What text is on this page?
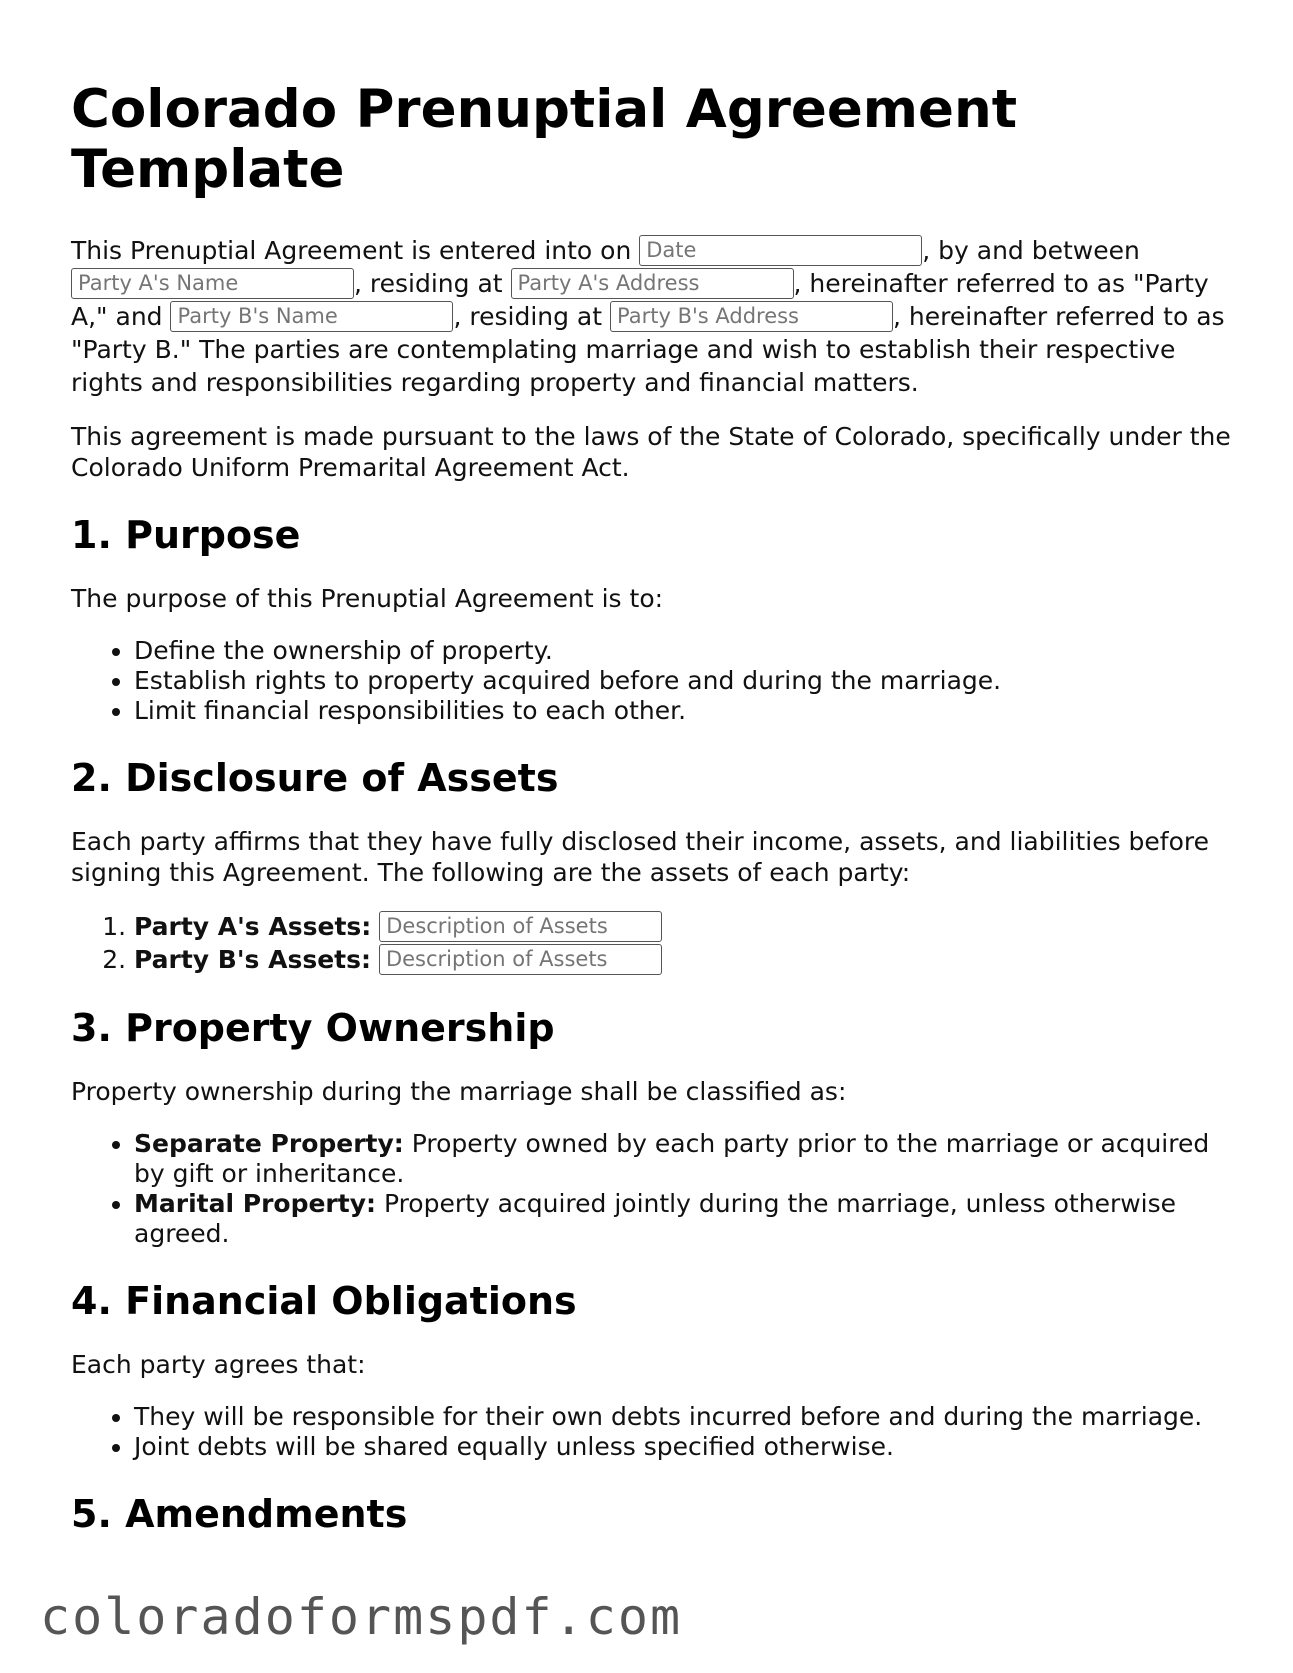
Colorado Prenuptial Agreement Template

This Prenuptial Agreement is entered into on Date	, by and between Party A's Name, residing at Party A's Address	, hereinafter referred to as "Party A," and Party B's Name	, residing at Party B's Address	, hereinafter referred to as "Party B." The parties are contemplating marriage and wish to establish their respective rights and responsibilities regarding property and financial matters.

This agreement is made pursuant to the laws of the State of Colorado, specifically under the Colorado Uniform Premarital Agreement Act.

1. Purpose

The purpose of this Prenuptial Agreement is to:

• Define the ownership of property.
• Establish rights to property acquired before and during the marriage.
• Limit financial responsibilities to each other.
2. Disclosure of Assets

Each party affirms that they have fully disclosed their income, assets, and liabilities before signing this Agreement. The following are the assets of each party:

1. Party A's Assets: Description of Assets
2. Party B's Assets: Description of Assets
3. Property Ownership

Property ownership during the marriage shall be classified as:

• Separate Property: Property owned by each party prior to the marriage or acquired by gift or inheritance.
• Marital Property: Property acquired jointly during the marriage, unless otherwise agreed.
4. Financial Obligations

Each party agrees that:

• They will be responsible for their own debts incurred before and during the marriage.
• Joint debts will be shared equally unless specified otherwise.
5. Amendments
coloradoformspdf.com
